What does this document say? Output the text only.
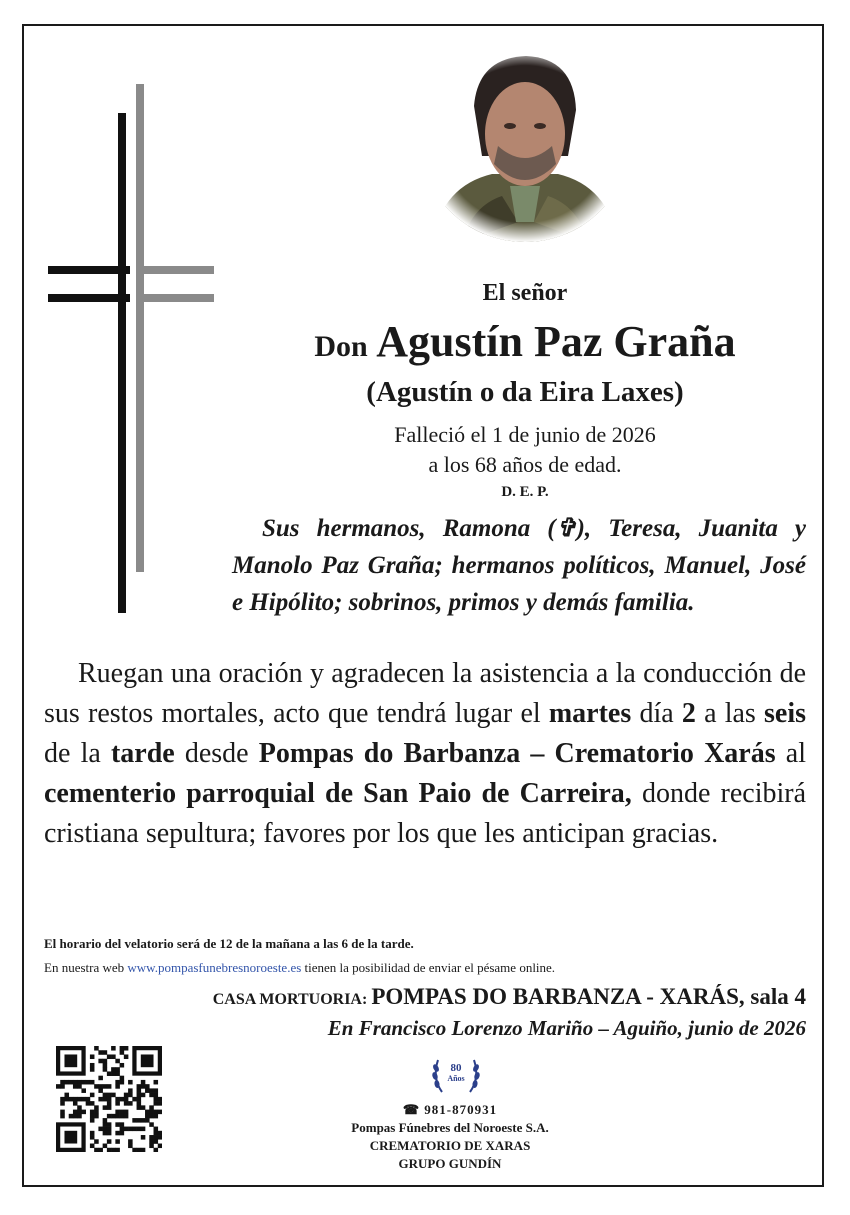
El señor
Don Agustín Paz Graña
(Agustín o da Eira Laxes)
Falleció el 1 de junio de 2026
a los 68 años de edad.
D. E. P.
Sus hermanos, Ramona (✞), Teresa, Juanita y Manolo Paz Graña; hermanos políticos, Manuel, José e Hipólito; sobrinos, primos y demás familia.
Ruegan una oración y agradecen la asistencia a la conducción de sus restos mortales, acto que tendrá lugar el martes día 2 a las seis de la tarde desde Pompas do Barbanza – Crematorio Xarás al cementerio parroquial de San Paio de Carreira, donde recibirá cristiana sepultura; favores por los que les anticipan gracias.
El horario del velatorio será de 12 de la mañana a las 6 de la tarde.
En nuestra web www.pompasfunebresnoroeste.es tienen la posibilidad de enviar el pésame online.
CASA MORTUORIA: POMPAS DO BARBANZA - XARÁS, sala 4
En Francisco Lorenzo Mariño – Aguiño, junio de 2026
80
Años
☎ 981-870931
Pompas Fúnebres del Noroeste S.A.
CREMATORIO DE XARAS
GRUPO GUNDÍN
